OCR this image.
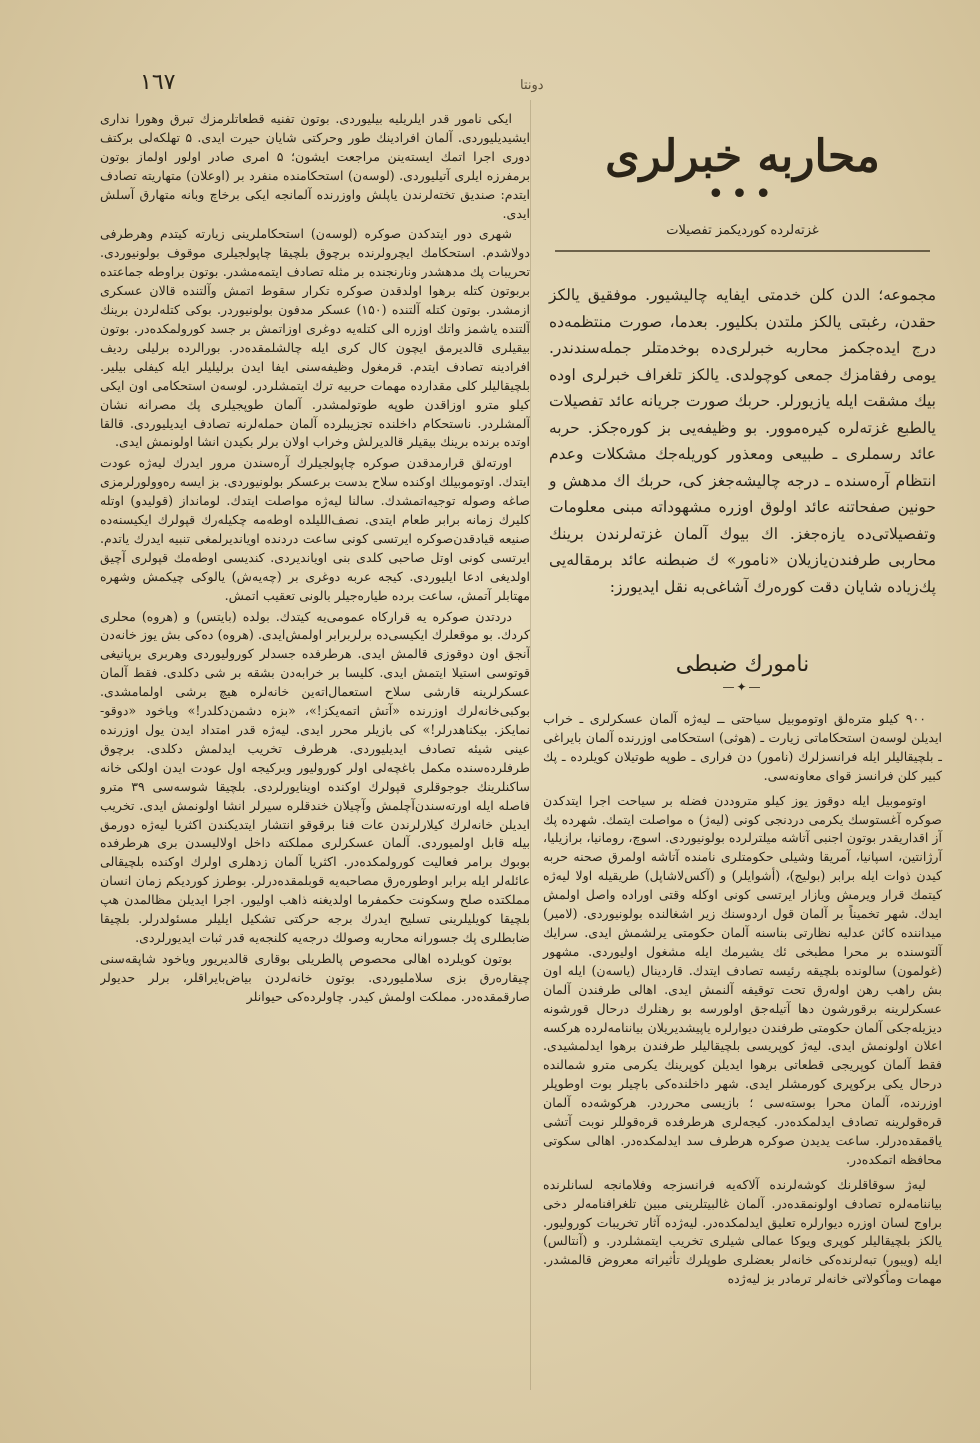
١٦٧	ﺩﻭﻧﺘﺎ

ایکی نامور قدر ایلریلیه بیلیوردی. بوتون تفنیه قطعاتلرمزك تبرق وهورا نداری ایشیدیلیوردی. آلمان افرادینك طور وحرکتی شایان حیرت ایدی. ۵ تهلکه‌لی برکتف دوری اجرا اتمك ایسته‌ینن مراجعت ایشون؛ ۵ امری صادر اولور اولماز بوتون برمفرزه ایلری آتیلیوردی. (لوسه‌ن) استحکامنده منفرد بر (اوعلان) متهاریته تصادف ایتدم: صندیق تخته‌لرندن یاپلش واوزرنده آلمانجه ایکی برخاچ وبانه متهارق آسلش ایدی.

شهری دور ایتدکدن صوکره (لوسه‌ن) استحکاملرینی زیارته کیتدم وهرطرفی دولاشدم. استحکامك ایچرولرنده برچوق بلچیقا چاپولجیلری موقوف بولونیوردی. تحریبات پك مدهشدر ونارنجنده بر مثله تصادف ایتمه‌مشدر. بوتون براوطه جماعتده بربوتون کتله برهوا اولدقدن صوکره تکرار سقوط اتمش وآلتنده قالان عسکری ازمشدر. بوتون کتله آلتنده (۱۵۰) عسکر مدفون بولونیوردر. بوکی کتله‌لردن برینك آلتنده یاشمز واتك اوزره الی کتله‌یه دوغری اوزاتمش بر جسد کورولمکده‌در. بوتون بیقیلری قالدیرمق ایچون کال کری ایله چالشلمقده‌در. بورالرده برلیلی ردیف افرادینه تصادف ایتدم. قرمغول وظیفه‌سنی ایفا ایدن برلیلیلر ایله کیفلی بیلیر. بلچیقالیلر کلی مقدارده مهمات حربیه ترك ایتمشلردر. لوسه‌ن استحکامی اون ایکی کیلو مترو اوزاقدن طوپه طوتولمشدر. آلمان طوپجیلری پك مصرانه نشان آلمشلردر. ناستحکام داخلنده تجزیبلرده آلمان حمله‌لرنه تصادف ایدیلیوردی. قالقا اوتده برنده برینك بیقیلر قالدیرلش وخراب اولان برلر بکیدن انشا اولونمش ایدی.

اورته‌لق قرارمدقدن صوکره چاپولجیلرك آره‌سندن مرور ایدرك لیه‌ژه عودت ایتدك. اوتوموبیلك اوکنده سلاح بدست برعسکر بولونیوردی. بز ایسه رەوولورلرمزی صاغه وصوله توجیه‌اتمشدك. سالنا لیه‌ژه مواصلت ایتدك. لومانداز (قوليدو) اوتله کلیرك زمانه برابر طعام ایتدی. نصف‌اللیلده اوطه‌مه چکیله‌رك قپولرك ایکیسنه‌ده صنیعه قیادقدن‌صوکره ایرتسی کونی ساعت دردنده اویاندیرلمغی تنبیه ایدرك یاتدم. ایرتسی کونی اوتل صاحبی کلدی بنی اویاندیردی. کندیسی اوطه‌مك قپولری آچیق اولدیغی ادعا ایلیوردی. کیجه عربه دوغری بر (چه‌یه‌ش) یالوکی چیکمش وشهره مهتابلر آتمش، ساعت برده طیاره‌جیلر بالونی تعقیب اتمش.

دردتدن صوکره یه قرارکاه عمومی‌یه کیتدك. بولده (بایتس) و (هروه) محلری کردك. بو موقعلرك ایکیسی‌ده برلربرابر اولمش‌ایدی. (هروه) ده‌کی بش یوز خانه‌دن آنجق اون دوقوزی قالمش ایدی. هرطرفده جسدلر کورولیوردی وهربری برپانیغی قوتوسی استیلا ایتمش ایدی. کلیسا بر خرابه‌دن بشقه بر شی دکلدی. فقط آلمان عسکرلرینه قارشی سلاح استعمال‌اته‌ین خانه‌لره هیچ برشی اولمامشدی. بوکبی‌خانه‌لرك اوزرنده «آتش اتمه‌یکز!»، «بزه دشمن‌دکلدر!» ویاخود «دوقو-نمایکز. بیکناهدرلر!» کی بازیلر محرر ایدی. لیه‌ژه قدر امتداد ایدن یول اوزرنده عینی شیئه تصادف ایدیلیوردی. هرطرف تخریب ایدلمش دکلدی. برچوق طرفلرده‌سنده مکمل باغچه‌لی اولر کورولیور وبرکیجه اول عودت ایدن اولکی خانه ساکنلرینك جوجوقلری قپولرك اوکنده اوینایورلردی. بلچیقا شوسه‌سی ۳۹ مترو فاصله ایله اورته‌سندن‌آچلمش وآچیلان خندقلره سیرلر انشا اولونمش ایدی. تخریب ایدیلن خانه‌لرك کیلارلرندن عات فنا برقوقو انتشار ایتدیکندن اکثریا لیه‌ژه دورمق بیله قابل اولمیوردی. آلمان عسکرلری مملکته داخل اولالیسدن بری هرطرفده بوبوك برامر فعالیت کورولمکده‌در. اکثریا آلمان زدهلری اولرك اوکنده بلچیقالی عائله‌لر ایله برابر اوطورەرق مصاحبەیه قوبلمقده‌درلر. بوطرز کوردیکم زمان انسان مملکتده صلح وسکونت حکمفرما اولدیغنه ذاهب اولیور. اجرا ایدیلن مظالمدن هپ بلچیقا کویلیلرینی تسلیح ایدرك برجه حرکتی تشکیل ایلیلر مسئولدرلر. بلچیقا ضابطلری پك جسورانه محاربه وصولك درجه‌یه کلنجه‌یه قدر ثبات ایدیورلردی.

بوتون کویلرده اهالی محصوص پالطریلی بوقاری قالدیریور ویاخود شاپقه‌سنی چیقاره‌رق بزی سلاملیوردی. بوتون خانه‌لردن بیاض‌بایراقلر، برلر حدیولر صارقمقده‌در. مملکت اولمش کیدر. چاولرده‌کی حیوانلر

محاربه خبرلری
•••
غزته‌لرده کوردیکمز تفصیلات
مجموعه؛ الدن کلن خدمتی ایفایه چالیشیور. موفقیق یالکز حقدن، رغبتی یالکز ملتدن بکلیور. بعدما، صورت منتظمه‌ده درج ایده‌جکمز محاربه خبرلری‌ده بوخدمتلر جمله‌سندندر. یومی رفقامزك جمعی کوچولدی. یالکز تلغراف خبرلری اوده بیك مشقت ایله یازیورلر. حربك صورت جریانه عائد تفصیلات یالطبع غزته‌لره کیره‌موور. بو وظیفه‌یی بز کوره‌جکز. حربه عائد رسملری ـ طبیعی ومعذور کوریله‌جك مشکلات وعدم انتظام آره‌سنده ـ درجه چالیشه‌جغز کی، حربك اك مدهش و حونین صفحاتنه عائد اولوق اوزره مشهوداته مبنی معلومات وتفصیلاتی‌ده یازه‌جغز. اك بیوك آلمان غزته‌لرندن برینك محاربی طرفندن‌یازیلان «نامور» ك ضبطنه عائد برمقاله‌یی پك‌زیاده شایان دقت کوره‌رك آشاغی‌به نقل ایدیورز:
نامورك ضبطی
—✦—

۹۰۰ کیلو متره‌لق اوتوموبیل سیاحتی ــ لیه‌ژه آلمان عسکرلری ـ خراب ایدیلن لوسه‌ن استحکاماتی زیارت ـ (هوثی) استحکامی اوزرنده آلمان بایراغی ـ بلچیقالیلر ایله فرانسزلرك (نامور) دن فراری ـ طوپه طوتیلان کویلرده ـ پك کبیر کلن فرانسز قوای معاونه‌سی.

اوتوموبیل ایله دوقوز یوز کیلو متروددن فضله بر سیاحت اجرا ایتدکدن صوکره آغستوسك یکرمی دردنجی کونی (لیه‌ژ) ه مواصلت ایتمك. شهرده پك آز اقداریقدر بوتون اجنبی آتاشه میلترلرده بولونیوردی. اسوچ، رومانیا، برازیلیا، آرژانتین، اسپانیا، آمریقا وشیلی حکومتلری نامنده آتاشه اولمرق صحنه حربه کیدن ذوات ایله برابر (بوليج)، (أشوایلر) و (آکس‌لاشاپل) طریقیله اولا لیه‌ژه کیتمك قرار ویرمش ویازار ایرتسی کونی اوکله وقتی اوراده واصل اولمش ایدك. شهر تخمیناً بر آلمان قول اردوسنك زیر اشغالنده بولونیوردی. (لامیر) میداننده کائن عدلیه نظارتی بناسنه آلمان حکومتی یرلشمش ایدی. سرایك آلتوسنده بر محرا مطبخی ئك یشیرمك ایله مشغول اولیوردی. مشهور (غولمون) سالونده بلچیقه رئیسه تصادف ایتدك. قاردینال (یاسه‌ن) ایله اون بش راهب رهن اولەرق تحت توقیفه آلنمش ایدی. اهالی طرفندن آلمان عسکرلرینه برقورشون دها آتیلەجق اولورسه بو رهنلرك درحال قورشونه دیزیلەجکی آلمان حکومتی طرفندن دیوارلره یاپیشدیریلان بیاننامه‌لرده هرکسه اعلان اولونمش ایدی. لیه‌ژ کوپریسی بلچیقالیلر طرفندن برهوا ایدلمشیدی. فقط آلمان کوپریجی قطعاتی برهوا ایدیلن کوپرینك یکرمی مترو شمالنده درحال یکی برکوپری کورمشلر ایدی. شهر داخلنده‌کی باچیلر بوت اوطوپلر اوزرنده، آلمان محرا بوسته‌سی ؛ بازیسی محرردر. هرکوشه‌ده آلمان قره‌قولرینه تصادف ایدلمکده‌در. کیجه‌لری هرطرفده قرەقوللر نوبت آتشی یاقمقده‌درلر. ساعت یدیدن صوکره هرطرف سد ایدلمکده‌در. اهالی سکوتی محافظه اتمکده‌در.

لیه‌ژ سوقاقلرنك کوشه‌لرنده آلاکه‌یه فرانسزجه وفلامانجه لسانلرنده بیاننامه‌لره تصادف اولونمقده‌در. آلمان غالبیتلرینی مبین تلغرافنامه‌لر دخی براوج لسان اوزره دیوارلره تعلیق ایدلمکده‌در. لیه‌ژده آثار تخریبات کورولیور. یالکز بلچیقالیلر کوپری ویوکا عمالی شیلری تخریب ایتمشلردر. و (آنتالس) ایله (ویبور) تبه‌لرنده‌کی خانه‌لر بعضلری طوپلرك تأثیراته معروض قالمشدر. مهمات ومأکولاتی خانه‌لر ترمادر بز لیه‌ژده
